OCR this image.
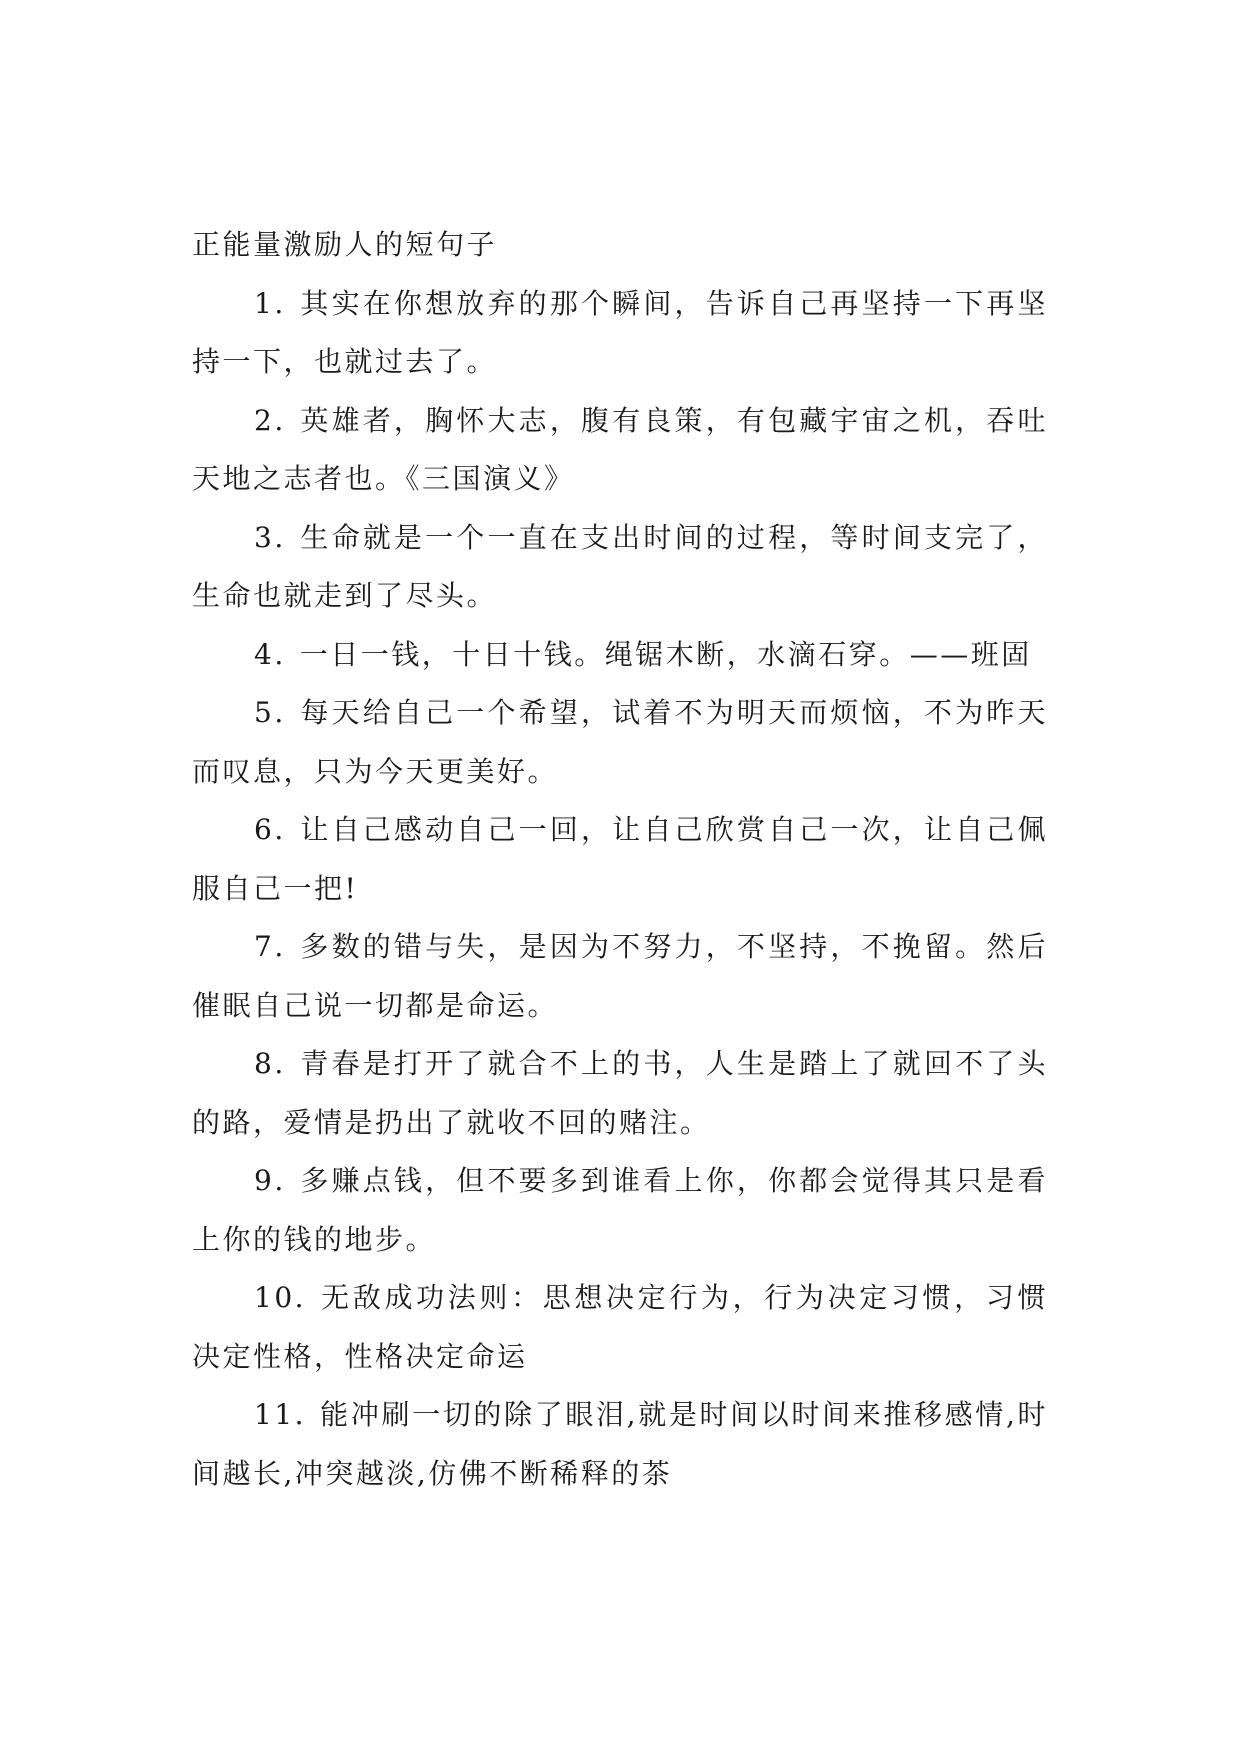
正能量激励人的短句子

1. 其实在你想放弃的那个瞬间，告诉自己再坚持一下再坚持一下，也就过去了。

2. 英雄者，胸怀大志，腹有良策，有包藏宇宙之机，吞吐天地之志者也。《三国演义》

3. 生命就是一个一直在支出时间的过程，等时间支完了，生命也就走到了尽头。

4. 一日一钱，十日十钱。绳锯木断，水滴石穿。——班固

5. 每天给自己一个希望，试着不为明天而烦恼，不为昨天而叹息，只为今天更美好。

6. 让自己感动自己一回，让自己欣赏自己一次，让自己佩服自己一把!

7. 多数的错与失，是因为不努力，不坚持，不挽留。然后催眠自己说一切都是命运。

8. 青春是打开了就合不上的书，人生是踏上了就回不了头的路，爱情是扔出了就收不回的赌注。

9. 多赚点钱，但不要多到谁看上你，你都会觉得其只是看上你的钱的地步。

10. 无敌成功法则：思想决定行为，行为决定习惯，习惯决定性格，性格决定命运

11. 能冲刷一切的除了眼泪,就是时间以时间来推移感情,时间越长,冲突越淡,仿佛不断稀释的茶
